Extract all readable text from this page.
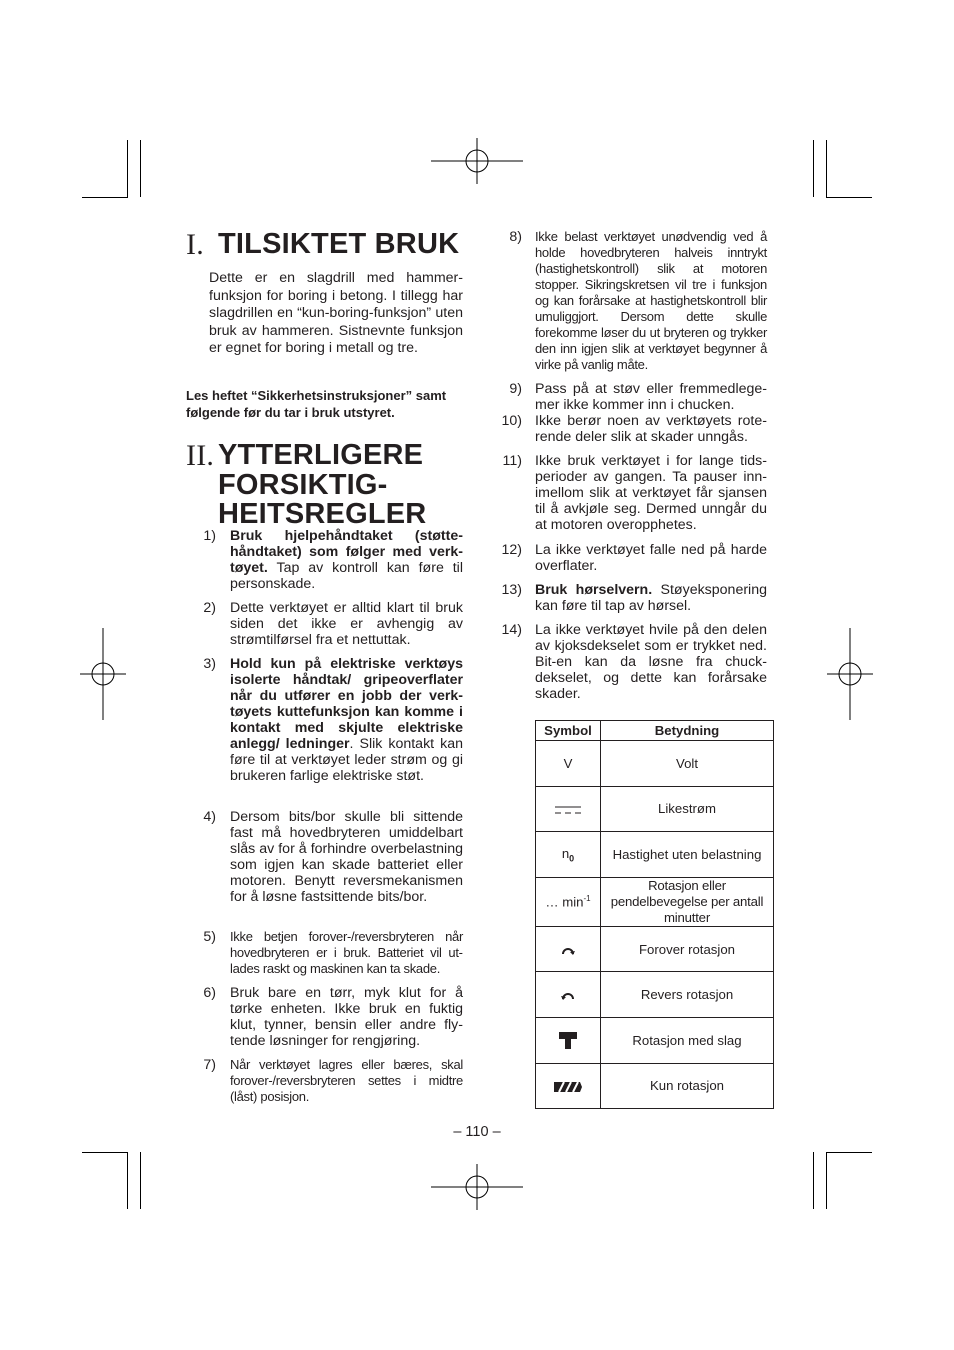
I. TILSIKTET BRUK
Dette er en slagdrill med hammerfunksjon for boring i betong. I tillegg har slagdrillen en “kun-boring-funksjon” uten bruk av hammeren. Sistnevnte funksjon er egnet for boring i metall og tre.
Les heftet “Sikkerhetsinstruksjoner” samt følgende før du tar i bruk utstyret.
II. YTTERLIGERE
FORSIKTIG-
HEITSREGLER
1) Bruk hjelpehåndtaket (støttehåndtaket) som følger med verktøyet. Tap av kontroll kan føre til personskade.
2) Dette verktøyet er alltid klart til bruk siden det ikke er avhengig av strømtilførsel fra et nettuttak.
3) Hold kun på elektriske verktøys isolerte håndtak/ gripeoverflater når du utfører en jobb der verktøyets kuttefunksjon kan komme i kontakt med skjulte elektriske anlegg/ ledninger. Slik kontakt kan føre til at verktøyet leder strøm og gi brukeren farlige elektriske støt.
4) Dersom bits/bor skulle bli sittende fast må hovedbryteren umiddelbart slås av for å forhindre overbelastning som igjen kan skade batteriet eller motoren. Benytt reversmekanismen for å løsne fastsittende bits/bor.
5) Ikke betjen forover-/reversbryteren når hovedbryteren er i bruk. Batteriet vil utlades raskt og maskinen kan ta skade.
6) Bruk bare en tørr, myk klut for å tørke enheten. Ikke bruk en fuktig klut, tynner, bensin eller andre flytende løsninger for rengjøring.
7) Når verktøyet lagres eller bæres, skal forover-/reversbryteren settes i midtre (låst) posisjon.
8) Ikke belast verktøyet unødvendig ved å holde hovedbryteren halveis inntrykt (hastighetskontroll) slik at motoren stopper. Sikringskretsen vil tre i funksjon og kan forårsake at hastighetskontroll blir umuliggjort. Dersom dette skulle forekomme løser du ut bryteren og trykker den inn igjen slik at verktøyet begynner å virke på vanlig måte.
9) Pass på at støv eller fremmedlegemer ikke kommer inn i chucken.
10) Ikke berør noen av verktøyets roterende deler slik at skader unngås.
11) Ikke bruk verktøyet i for lange tidsperioder av gangen. Ta pauser innimellom slik at verktøyet får sjansen til å avkjøle seg. Dermed unngår du at motoren overopphetes.
12) La ikke verktøyet falle ned på harde overflater.
13) Bruk hørselvern. Støyeksponering kan føre til tap av hørsel.
14) La ikke verktøyet hvile på den delen av kjoksdekselet som er trykket ned. Bit-en kan da løsne fra chuckdekselet, og dette kan forårsake skader.
Symbol	Betydning
V	Volt
	Likestrøm
$n_0$	Hastighet uten belastning
… $\min^{-1}$	Rotasjon eller pendelbevegelse per antall minutter
	Forover rotasjon
	Revers rotasjon
	Rotasjon med slag
	Kun rotasjon
– 110 –
